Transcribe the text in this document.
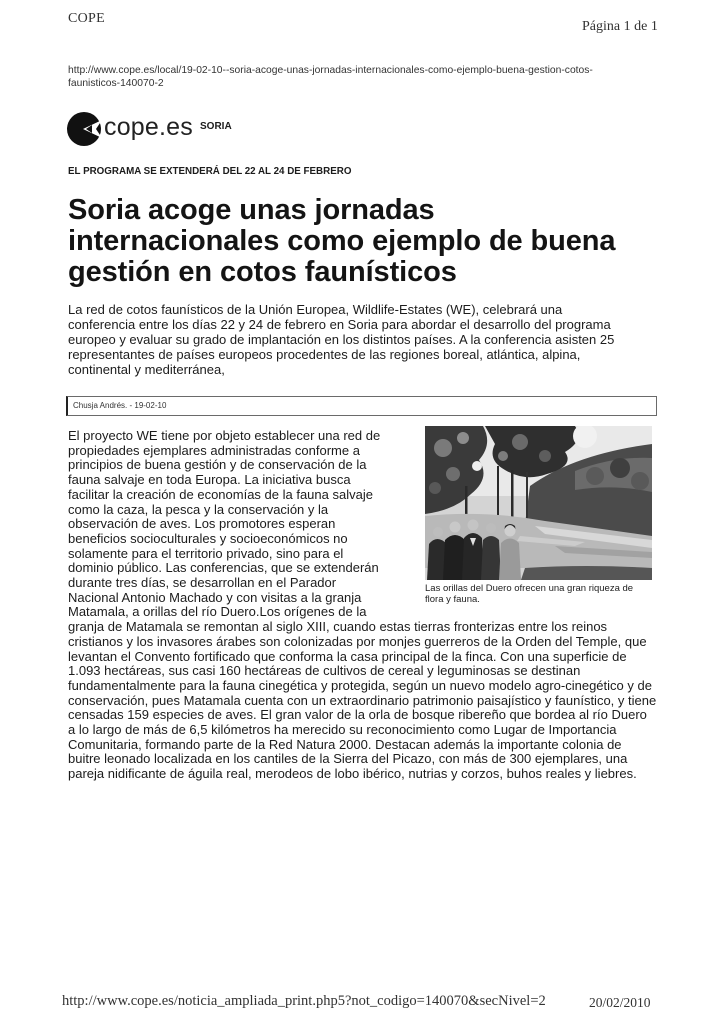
COPE
Página 1 de 1
http://www.cope.es/local/19-02-10--soria-acoge-unas-jornadas-internacionales-como-ejemplo-buena-gestion-cotos-
faunisticos-140070-2
cope.es SORIA
EL PROGRAMA SE EXTENDERÁ DEL 22 AL 24 DE FEBRERO
Soria acoge unas jornadas
internacionales como ejemplo de buena
gestión en cotos faunísticos
La red de cotos faunísticos de la Unión Europea, Wildlife-Estates (WE), celebrará una
conferencia entre los días 22 y 24 de febrero en Soria para abordar el desarrollo del programa
europeo y evaluar su grado de implantación en los distintos países. A la conferencia asisten 25
representantes de países europeos procedentes de las regiones boreal, atlántica, alpina,
continental y mediterránea,
Chusja Andrés. - 19-02-10
El proyecto WE tiene por objeto establecer una red de
propiedades ejemplares administradas conforme a
principios de buena gestión y de conservación de la
fauna salvaje en toda Europa. La iniciativa busca
facilitar la creación de economías de la fauna salvaje
como la caza, la pesca y la conservación y la
observación de aves. Los promotores esperan
beneficios socioculturales y socioeconómicos no
solamente para el territorio privado, sino para el
dominio público. Las conferencias, que se extenderán
durante tres días, se desarrollan en el Parador
Nacional Antonio Machado y con visitas a la granja
Matamala, a orillas del río Duero.Los orígenes de la
granja de Matamala se remontan al siglo XIII, cuando estas tierras fronterizas entre los reinos
cristianos y los invasores árabes son colonizadas por monjes guerreros de la Orden del Temple, que
levantan el Convento fortificado que conforma la casa principal de la finca. Con una superficie de
1.093 hectáreas, sus casi 160 hectáreas de cultivos de cereal y leguminosas se destinan
fundamentalmente para la fauna cinegética y protegida, según un nuevo modelo agro-cinegético y de
conservación, pues Matamala cuenta con un extraordinario patrimonio paisajístico y faunístico, y tiene
censadas 159 especies de aves. El gran valor de la orla de bosque ribereño que bordea al río Duero
a lo largo de más de 6,5 kilómetros ha merecido su reconocimiento como Lugar de Importancia
Comunitaria, formando parte de la Red Natura 2000. Destacan además la importante colonia de
buitre leonado localizada en los cantiles de la Sierra del Picazo, con más de 300 ejemplares, una
pareja nidificante de águila real, merodeos de lobo ibérico, nutrias y corzos, buhos reales y liebres.
Las orillas del Duero ofrecen una gran riqueza de
flora y fauna.
http://www.cope.es/noticia_ampliada_print.php5?not_codigo=140070&secNivel=2	20/02/2010
